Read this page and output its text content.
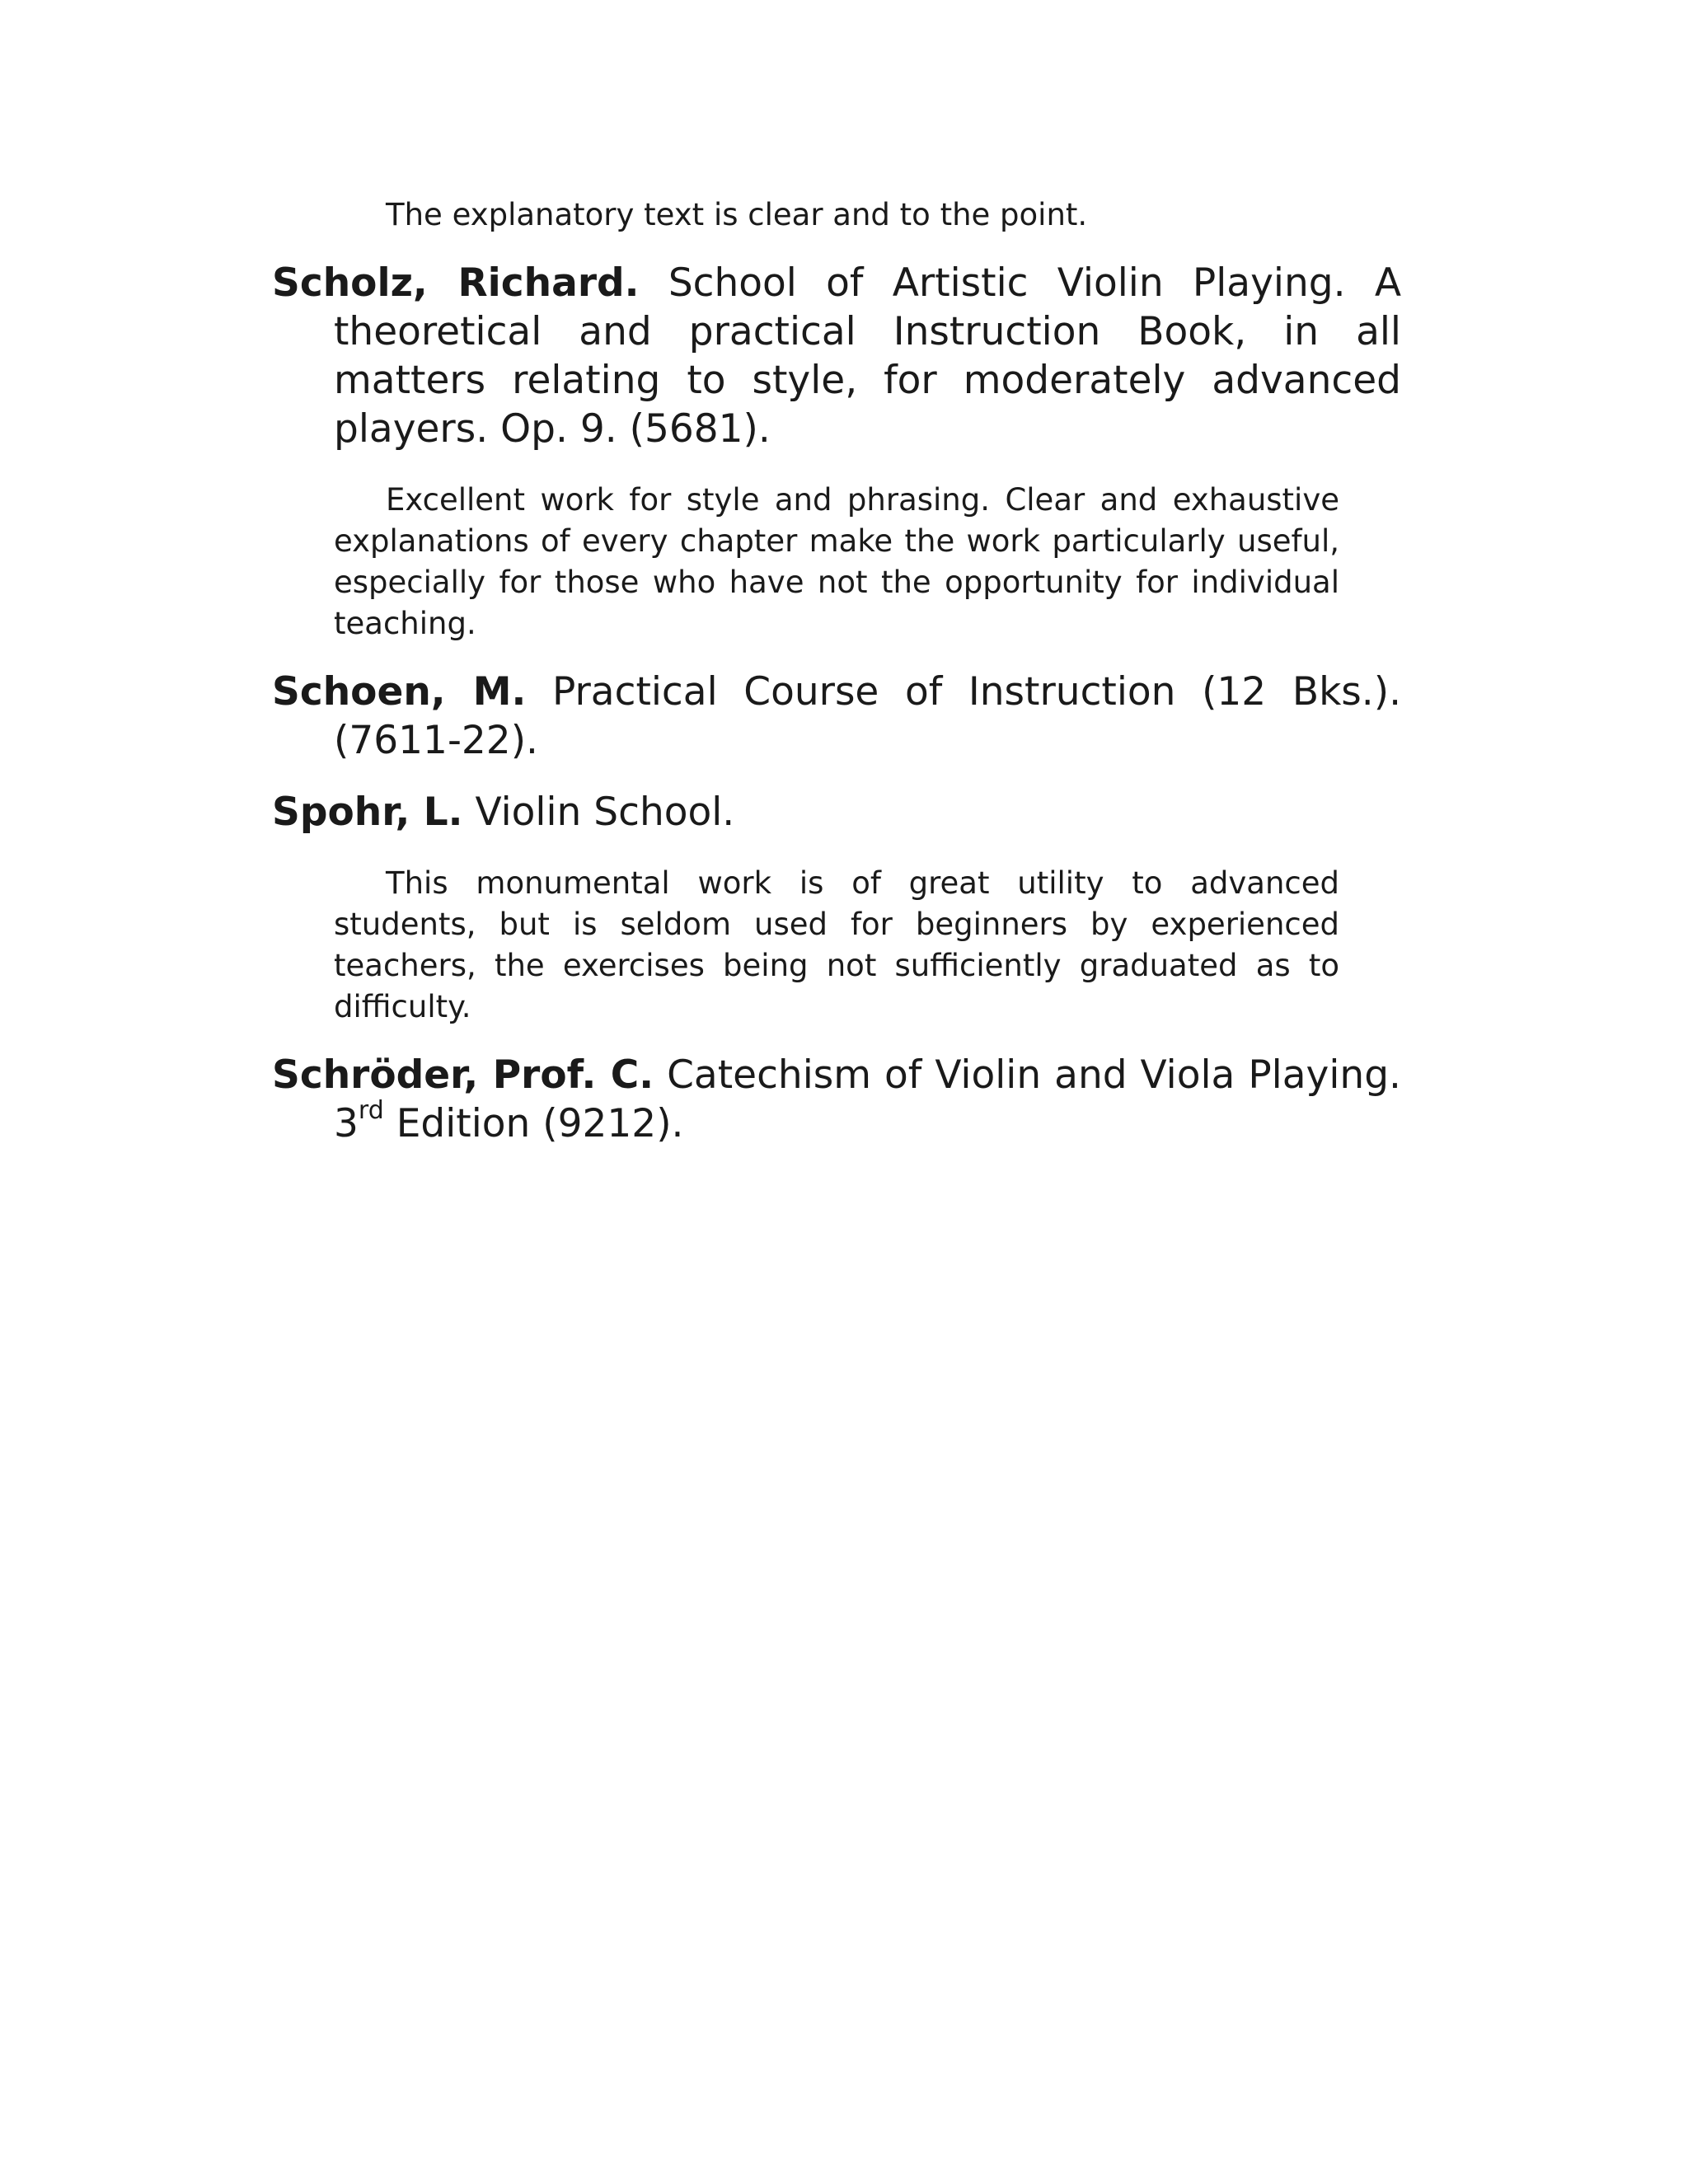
The explanatory text is clear and to the point.

Scholz, Richard. School of Artistic Violin Playing. A theoretical and practical Instruction Book, in all matters relating to style, for moderately advanced players. Op. 9. (5681).

Excellent work for style and phrasing. Clear and exhaustive explanations of every chapter make the work particularly useful, especially for those who have not the opportunity for individual teaching.

Schoen, M. Practical Course of Instruction (12 Bks.). (7611-22).

Spohr, L. Violin School.

This monumental work is of great utility to advanced students, but is seldom used for beginners by experienced teachers, the exercises being not sufficiently graduated as to difficulty.

Schröder, Prof. C. Catechism of Violin and Viola Playing. 3rd Edition (9212).
